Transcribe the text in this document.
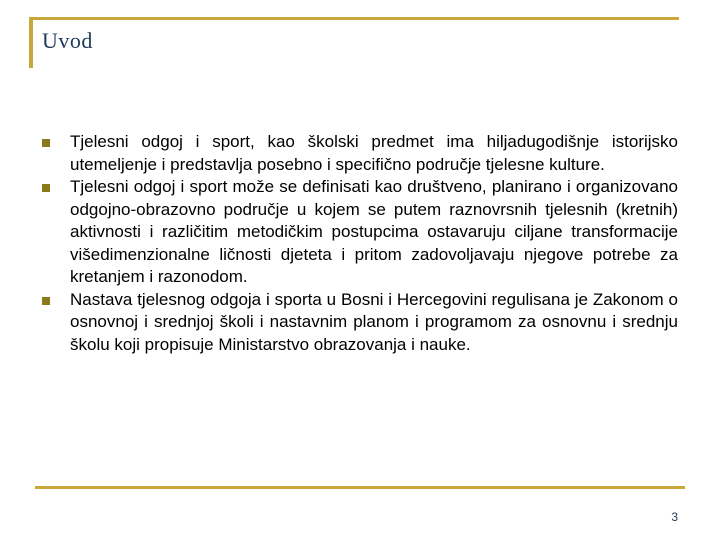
Uvod
Tjelesni odgoj i sport, kao školski predmet ima hiljadugodišnje istorijsko utemeljenje i predstavlja posebno i specifično područje tjelesne kulture.
Tjelesni odgoj i sport može se definisati kao društveno, planirano i organizovano odgojno-obrazovno područje u kojem se putem raznovrsnih tjelesnih (kretnih) aktivnosti i različitim metodičkim postupcima ostavaruju ciljane transformacije višedimenzionalne ličnosti djeteta i pritom zadovoljavaju njegove potrebe za kretanjem i razonodom.
Nastava tjelesnog odgoja i sporta u Bosni i Hercegovini regulisana je Zakonom o osnovnoj i srednjoj školi i nastavnim planom i programom za osnovnu i srednju školu koji propisuje Ministarstvo obrazovanja i nauke.
3
